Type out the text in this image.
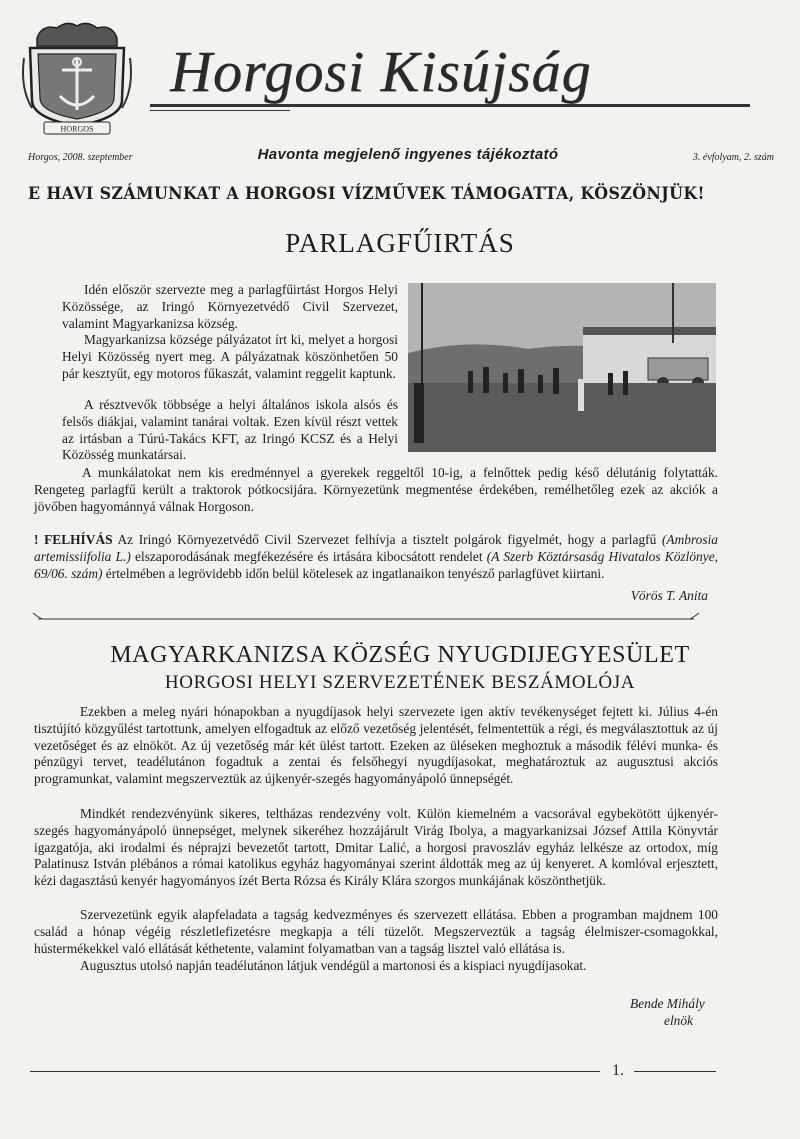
HORGOS
Horgosi Kisújság
Horgos, 2008. szeptember	Havonta megjelenő ingyenes tájékoztató	3. évfolyam, 2. szám
E HAVI SZÁMUNKAT A HORGOSI VÍZMŰVEK TÁMOGATTA, KÖSZÖNJÜK!
PARLAGFŰIRTÁS
Idén először szervezte meg a parlagfűirtást Horgos Helyi Közössége, az Iringó Környezetvédő Civil Szervezet, valamint Magyarkanizsa község.
Magyarkanizsa községe pályázatot írt ki, melyet a horgosi Helyi Közösség nyert meg. A pályázatnak köszönhetően 50 pár kesztyűt, egy motoros fűkaszát, valamint reggelit kaptunk.
A résztvevők többsége a helyi általános iskola alsós és felsős diákjai, valamint tanárai voltak. Ezen kívül részt vettek az irtásban a Túrú-Takács KFT, az Iringó KCSZ és a Helyi Közösség munkatársai.
A munkálatokat nem kis eredménnyel a gyerekek reggeltől 10-ig, a felnőttek pedig késő délutánig folytatták. Rengeteg parlagfű került a traktorok pótkocsijára. Környezetünk megmentése érdekében, remélhetőleg ezek az akciók a jövőben hagyománnyá válnak Horgoson.
! FELHÍVÁS Az Iringó Környezetvédő Civil Szervezet felhívja a tisztelt polgárok figyelmét, hogy a parlagfű (Ambrosia artemissiifolia L.) elszaporodásának megfékezésére és irtására kibocsátott rendelet (A Szerb Köztársaság Hivatalos Közlönye, 69/06. szám) értelmében a legrövidebb időn belül kötelesek az ingatlanaikon tenyésző parlagfüvet kiirtani.
Vörös T. Anita
MAGYARKANIZSA KÖZSÉG NYUGDIJEGYESÜLET
HORGOSI HELYI SZERVEZETÉNEK BESZÁMOLÓJA
Ezekben a meleg nyári hónapokban a nyugdíjasok helyi szervezete igen aktív tevékenységet fejtett ki. Július 4-én tisztújító közgyűlést tartottunk, amelyen elfogadtuk az előző vezetőség jelentését, felmentettük a régi, és megválasztottuk az új vezetőséget és az elnököt. Az új vezetőség már két ülést tartott. Ezeken az üléseken meghoztuk a második félévi munka- és pénzügyi tervet, teadélutánon fogadtuk a zentai és felsőhegyi nyugdíjasokat, meghatároztuk az augusztusi akciós programunkat, valamint megszerveztük az újkenyér-szegés hagyományápoló ünnepségét.
Mindkét rendezvényünk sikeres, teltházas rendezvény volt. Külön kiemelném a vacsorával egybekötött újkenyér-szegés hagyományápoló ünnepséget, melynek sikeréhez hozzájárult Virág Ibolya, a magyarkanizsai József Attila Könyvtár igazgatója, aki irodalmi és néprajzi bevezetőt tartott, Dmitar Lalić, a horgosi pravoszláv egyház lelkésze az ortodox, míg Palatinusz István plébános a római katolikus egyház hagyományai szerint áldották meg az új kenyeret. A komlóval erjesztett, kézi dagasztású kenyér hagyományos ízét Berta Rózsa és Király Klára szorgos munkájának köszönthetjük.
Szervezetünk egyik alapfeladata a tagság kedvezményes és szervezett ellátása. Ebben a programban majdnem 100 család a hónap végéig részletlefizetésre megkapja a téli tüzelőt. Megszerveztük a tagság élelmiszer-csomagokkal, hústermékekkel való ellátását kéthetente, valamint folyamatban van a tagság lisztel való ellátása is.
Augusztus utolsó napján teadélutánon látjuk vendégül a martonosi és a kispiaci nyugdíjasokat.
Bende Mihály
elnök
1.
